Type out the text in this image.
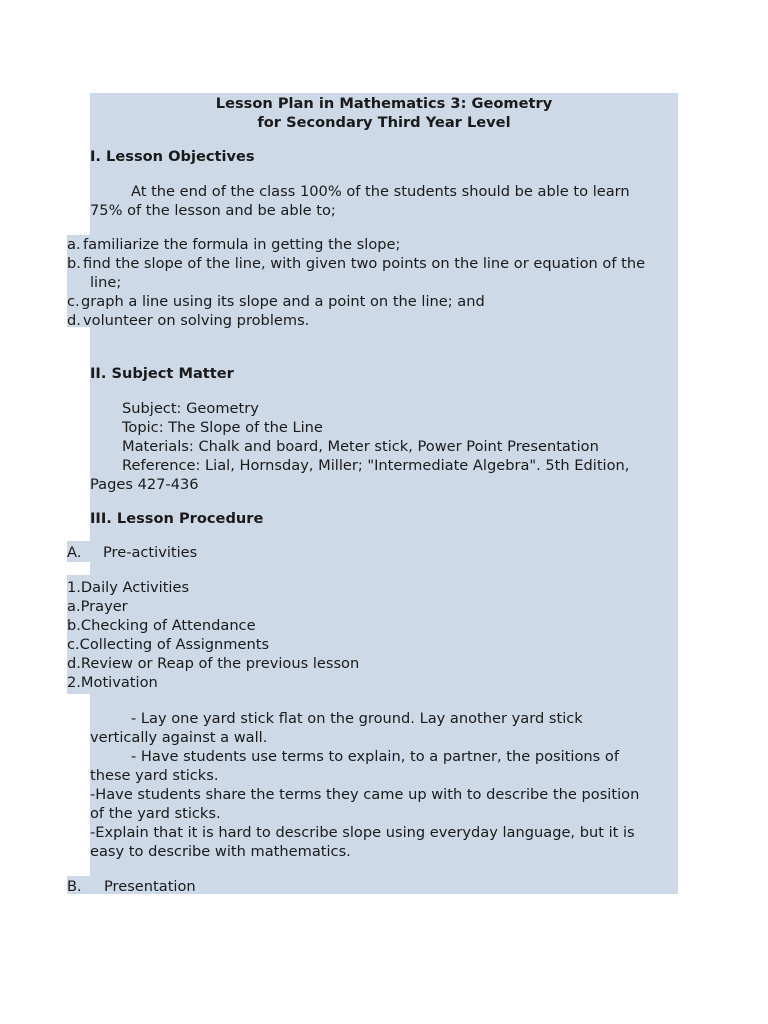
Lesson Plan in Mathematics 3: Geometry
for Secondary Third Year Level
I. Lesson Objectives
At the end of the class 100% of the students should be able to learn
75% of the lesson and be able to;
a. familiarize the formula in getting the slope;
b. find the slope of the line, with given two points on the line or equation of the
line;
c. graph a line using its slope and a point on the line; and
d. volunteer on solving problems.
II. Subject Matter
Subject: Geometry
Topic: The Slope of the Line
Materials: Chalk and board, Meter stick, Power Point Presentation
Reference: Lial, Hornsday, Miller; "Intermediate Algebra". 5th Edition,
Pages 427-436
III. Lesson Procedure
A. Pre-activities
1.Daily Activities
a.Prayer
b.Checking of Attendance
c.Collecting of Assignments
d.Review or Reap of the previous lesson
2.Motivation
- Lay one yard stick flat on the ground. Lay another yard stick
vertically against a wall.
- Have students use terms to explain, to a partner, the positions of
these yard sticks.
-Have students share the terms they came up with to describe the position
of the yard sticks.
-Explain that it is hard to describe slope using everyday language, but it is
easy to describe with mathematics.
B. Presentation
